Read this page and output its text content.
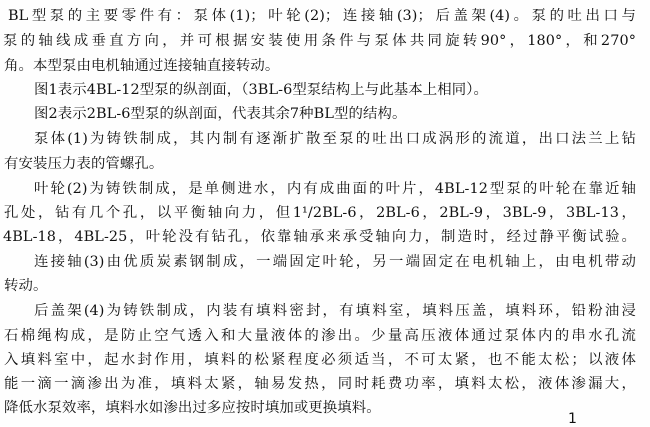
BL型泵的主要零件有：泵体(1)；叶轮(2)；连接轴(3)；后盖架(4)。泵的吐出口与
泵的轴线成垂直方向，并可根据安装使用条件与泵体共同旋转90°，180°，和270°
角。本型泵由电机轴通过连接轴直接转动。
图1表示4BL-12型泵的纵剖面，（3BL-6型泵结构上与此基本上相同）。
图2表示2BL-6型泵的纵剖面，代表其余7种BL型的结构。
泵体(1)为铸铁制成，其内制有逐渐扩散至泵的吐出口成涡形的流道，出口法兰上钻
有安装压力表的管螺孔。
叶轮(2)为铸铁制成，是单侧进水，内有成曲面的叶片，4BL-12型泵的叶轮在靠近轴
孔处，钻有几个孔，以平衡轴向力，但1¹/2BL-6，2BL-6，2BL-9，3BL-9，3BL-13，
4BL-18，4BL-25，叶轮没有钻孔，依靠轴承来承受轴向力，制造时，经过静平衡试验。
连接轴(3)由优质炭素钢制成，一端固定叶轮，另一端固定在电机轴上，由电机带动
转动。
后盖架(4)为铸铁制成，内装有填料密封，有填料室，填料压盖，填料环，铅粉油浸
石棉绳构成，是防止空气透入和大量液体的渗出。少量高压液体通过泵体内的串水孔流
入填料室中，起水封作用，填料的松紧程度必须适当，不可太紧，也不能太松；以液体
能一滴一滴渗出为准，填料太紧，轴易发热，同时耗费功率，填料太松，液体渗漏大，
降低水泵效率，填料水如渗出过多应按时填加或更换填料。
1
